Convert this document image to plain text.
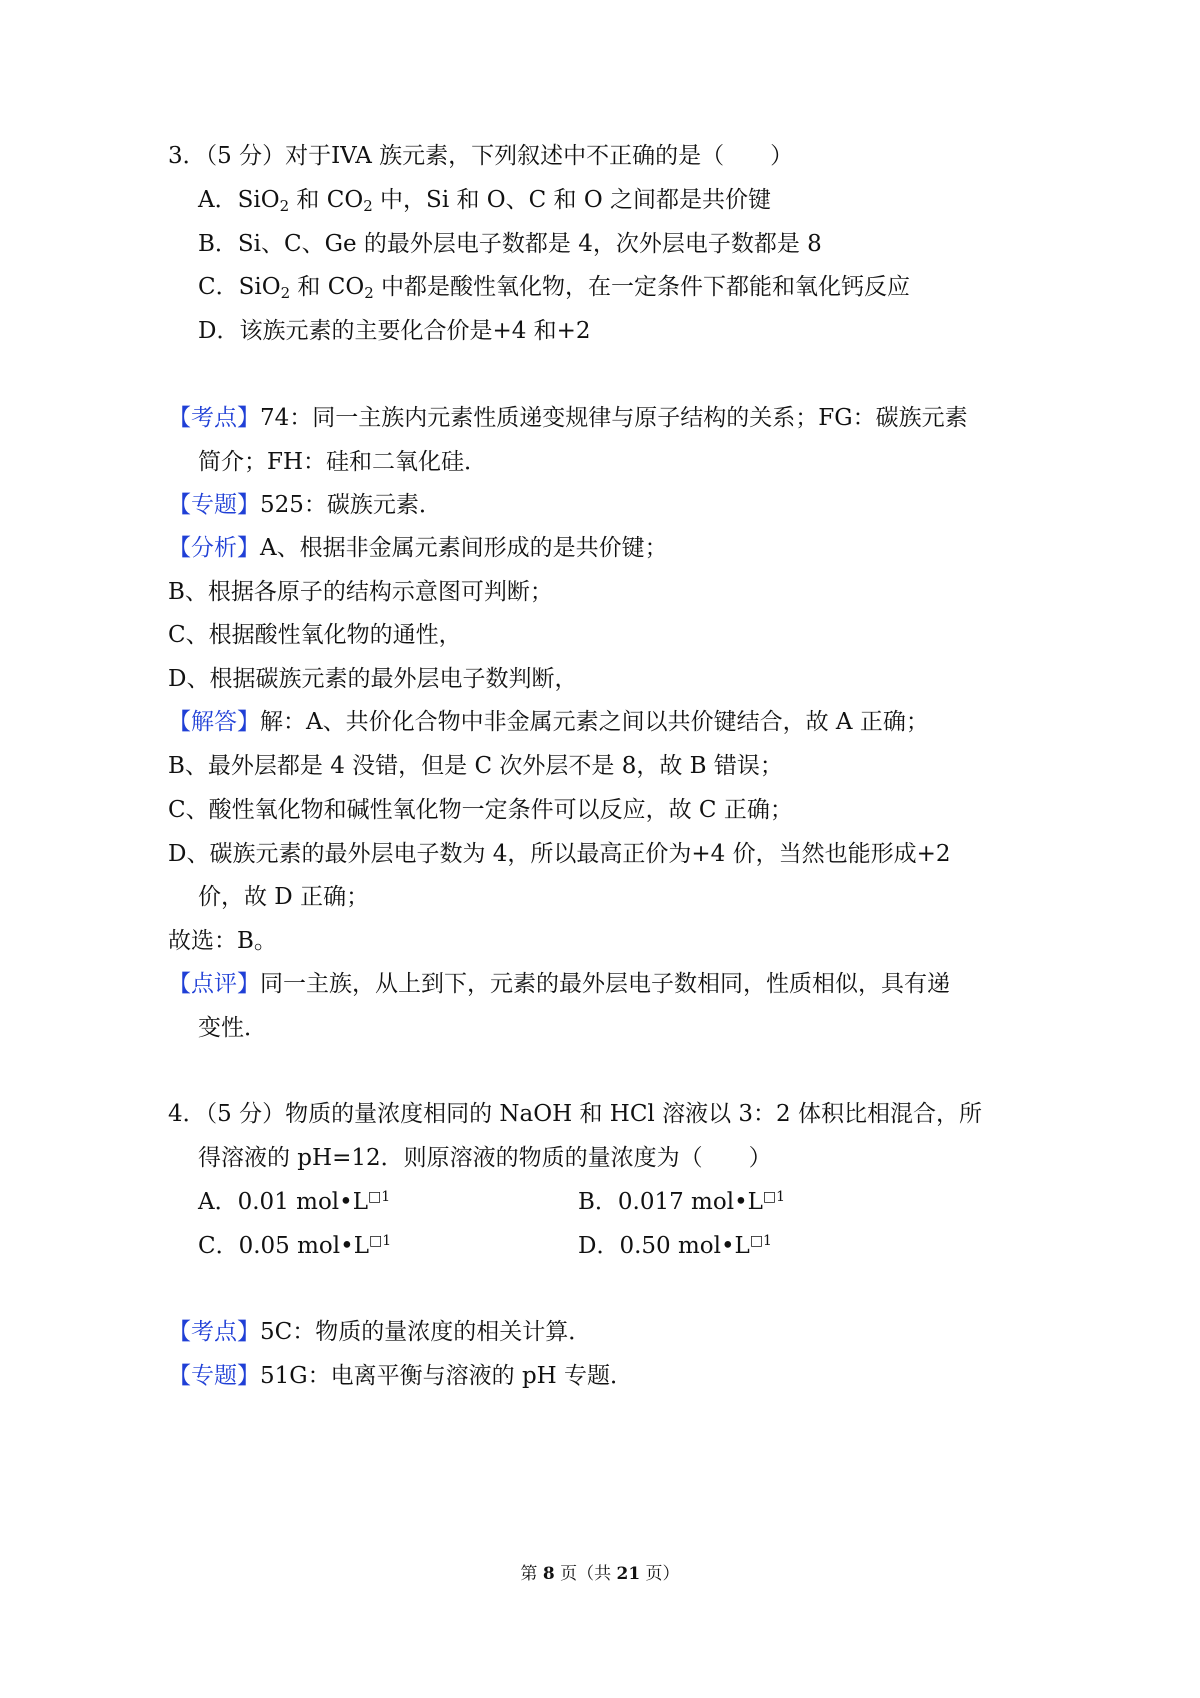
3．（5 分）对于IVA 族元素，下列叙述中不正确的是（　　）
A．SiO$_2$ 和 $CO_2$ 中，Si 和 O、C 和 O 之间都是共价键
B．Si、C、Ge 的最外层电子数都是 4，次外层电子数都是 8
C．SiO$_2$ 和 $CO_2$ 中都是酸性氧化物，在一定条件下都能和氧化钙反应
D．该族元素的主要化合价是+4 和+2
【考点】74：同一主族内元素性质递变规律与原子结构的关系；FG：碳族元素
简介；FH：硅和二氧化硅．
【专题】525：碳族元素．
【分析】A、根据非金属元素间形成的是共价键；
B、根据各原子的结构示意图可判断；
C、根据酸性氧化物的通性，
D、根据碳族元素的最外层电子数判断，
【解答】解：A、共价化合物中非金属元素之间以共价键结合，故 A 正确；
B、最外层都是 4 没错，但是 C 次外层不是 8，故 B 错误；
C、酸性氧化物和碱性氧化物一定条件可以反应，故 C 正确；
D、碳族元素的最外层电子数为 4，所以最高正价为+4 价，当然也能形成+2
价，故 D 正确；
故选：B。
【点评】同一主族，从上到下，元素的最外层电子数相同，性质相似，具有递
变性．
4．（5 分）物质的量浓度相同的 NaOH 和 HCl 溶液以 3：2 体积比相混合，所
得溶液的 pH=12．则原溶液的物质的量浓度为（　　）
A．0.01 $mol•L^{□1}$	B．0.017 $mol•L^{□1}$
C．0.05 $mol•L^{□1}$	D．0.50 $mol•L^{□1}$
【考点】5C：物质的量浓度的相关计算．
【专题】51G：电离平衡与溶液的 pH 专题．
第 8 页（共 21 页）
